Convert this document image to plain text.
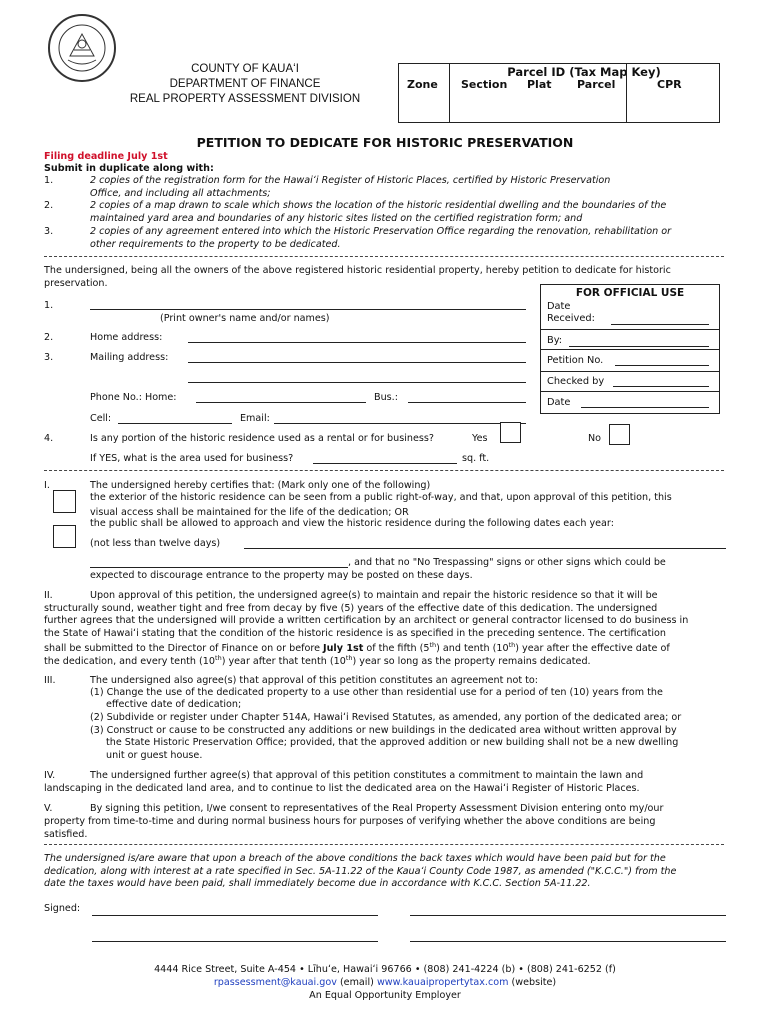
COUNTY OF KAUAʻI
DEPARTMENT OF FINANCE
REAL PROPERTY ASSESSMENT DIVISION
Zone
Parcel ID (Tax Map Key)
Section Plat Parcel	CPR
PETITION TO DEDICATE FOR HISTORIC PRESERVATION
Filing deadline July 1st
Submit in duplicate along with:
1.	2 copies of the registration form for the Hawaiʻi Register of Historic Places, certified by Historic Preservation
Office, and including all attachments;
2.	2 copies of a map drawn to scale which shows the location of the historic residential dwelling and the boundaries of the
maintained yard area and boundaries of any historic sites listed on the certified registration form; and
3.	2 copies of any agreement entered into which the Historic Preservation Office regarding the renovation, rehabilitation or
other requirements to the property to be dedicated.
The undersigned, being all the owners of the above registered historic residential property, hereby petition to dedicate for historic
preservation.
FOR OFFICIAL USE
Date
Received:
By:
Petition No.
Checked by
Date
1.
(Print owner's name and/or names)
2.	Home address:
3.	Mailing address:
Phone No.: Home:	Bus.:
Cell:	Email:
4.	Is any portion of the historic residence used as a rental or for business?	Yes	No
If YES, what is the area used for business?	sq. ft.
I.	The undersigned hereby certifies that: (Mark only one of the following)
the exterior of the historic residence can be seen from a public right-of-way, and that, upon approval of this petition, this
visual access shall be maintained for the life of the dedication; OR
the public shall be allowed to approach and view the historic residence during the following dates each year:
(not less than twelve days)
, and that no "No Trespassing" signs or other signs which could be
expected to discourage entrance to the property may be posted on these days.
II.	Upon approval of this petition, the undersigned agree(s) to maintain and repair the historic residence so that it will be
structurally sound, weather tight and free from decay by five (5) years of the effective date of this dedication. The undersigned
further agrees that the undersigned will provide a written certification by an architect or general contractor licensed to do business in
the State of Hawaiʻi stating that the condition of the historic residence is as specified in the preceding sentence. The certification
shall be submitted to the Director of Finance on or before July 1st of the fifth (5th) and tenth (10th) year after the effective date of
the dedication, and every tenth (10th) year after that tenth (10th) year so long as the property remains dedicated.
III.	The undersigned also agree(s) that approval of this petition constitutes an agreement not to:
(1) Change the use of the dedicated property to a use other than residential use for a period of ten (10) years from the
effective date of dedication;
(2) Subdivide or register under Chapter 514A, Hawaiʻi Revised Statutes, as amended, any portion of the dedicated area; or
(3) Construct or cause to be constructed any additions or new buildings in the dedicated area without written approval by
the State Historic Preservation Office; provided, that the approved addition or new building shall not be a new dwelling
unit or guest house.
IV.	The undersigned further agree(s) that approval of this petition constitutes a commitment to maintain the lawn and
landscaping in the dedicated land area, and to continue to list the dedicated area on the Hawaiʻi Register of Historic Places.
V.	By signing this petition, I/we consent to representatives of the Real Property Assessment Division entering onto my/our
property from time-to-time and during normal business hours for purposes of verifying whether the above conditions are being
satisfied.
The undersigned is/are aware that upon a breach of the above conditions the back taxes which would have been paid but for the
dedication, along with interest at a rate specified in Sec. 5A-11.22 of the Kauaʻi County Code 1987, as amended ("K.C.C.") from the
date the taxes would have been paid, shall immediately become due in accordance with K.C.C. Section 5A-11.22.
Signed:
4444 Rice Street, Suite A-454 • Līhuʻe, Hawaiʻi 96766 • (808) 241-4224 (b) • (808) 241-6252 (f)
rpassessment@kauai.gov (email) www.kauaipropertytax.com (website)
An Equal Opportunity Employer
